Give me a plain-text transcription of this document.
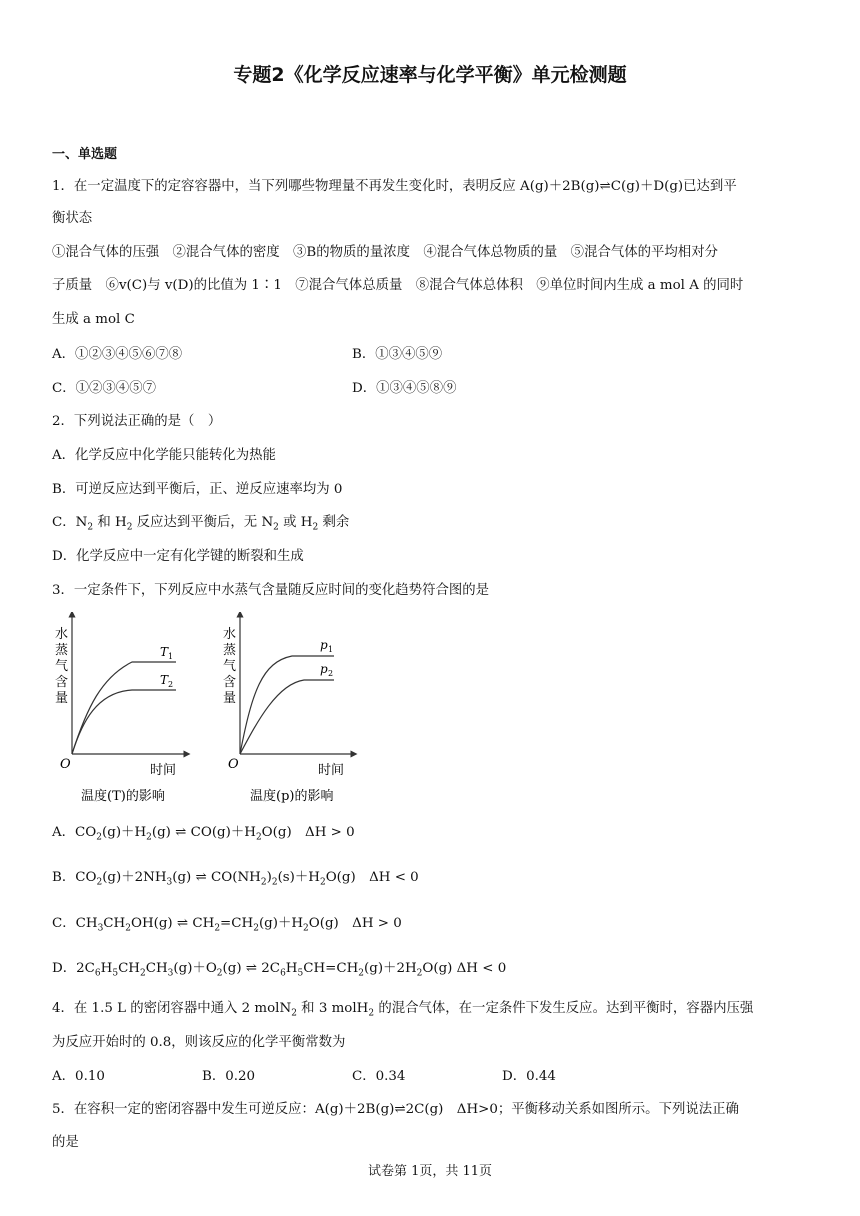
专题2《化学反应速率与化学平衡》单元检测题
一、单选题
1．在一定温度下的定容容器中，当下列哪些物理量不再发生变化时，表明反应 A(g)＋2B(g)⇌C(g)＋D(g)已达到平
衡状态
①混合气体的压强　②混合气体的密度　③B的物质的量浓度　④混合气体总物质的量　⑤混合气体的平均相对分
子质量　⑥v(C)与 v(D)的比值为 1∶1　⑦混合气体总质量　⑧混合气体总体积　⑨单位时间内生成 a mol A 的同时
生成 a mol C
A．①②③④⑤⑥⑦⑧	B．①③④⑤⑨
C．①②③④⑤⑦	D．①③④⑤⑧⑨
2．下列说法正确的是（　）
A．化学反应中化学能只能转化为热能
B．可逆反应达到平衡后，正、逆反应速率均为 0
C．$N_2$ 和 $H_2$ 反应达到平衡后，无 $N_2$ 或 $H_2$ 剩余
D．化学反应中一定有化学键的断裂和生成
3．一定条件下，下列反应中水蒸气含量随反应时间的变化趋势符合图的是
水
蒸
气
含
量
O	时间
温度(T)的影响
T 1
T 2
水
蒸
气
含
量
O	时间
温度(p)的影响
p 1
p 2
A．$CO_2(g)+H_2(g)$ ⇌ $CO(g)+H_2O(g)$　ΔH > 0
B．$CO_2(g)+2NH_3(g)$ ⇌ $CO(NH_2)_2(s)+H_2O(g)$　ΔH < 0
C．$CH_3CH_2OH(g)$ ⇌ $CH_2=CH_2(g)+H_2O(g)$　ΔH > 0
D．$2C_6H_5CH_2CH_3(g)+O_2(g)$ ⇌ $2C_6H_5CH=CH_2(g)+2H_2O(g) \Delta H < 0$
4．在 1.5 L 的密闭容器中通入 2 molN$_2$ 和 3 molH$_2$ 的混合气体，在一定条件下发生反应。达到平衡时，容器内压强
为反应开始时的 0.8，则该反应的化学平衡常数为
A．0.10	B．0.20	C．0.34	D．0.44
5．在容积一定的密闭容器中发生可逆反应：A(g)＋2B(g)⇌2C(g)　ΔH>0；平衡移动关系如图所示。下列说法正确
的是
试卷第 1页，共 11页
